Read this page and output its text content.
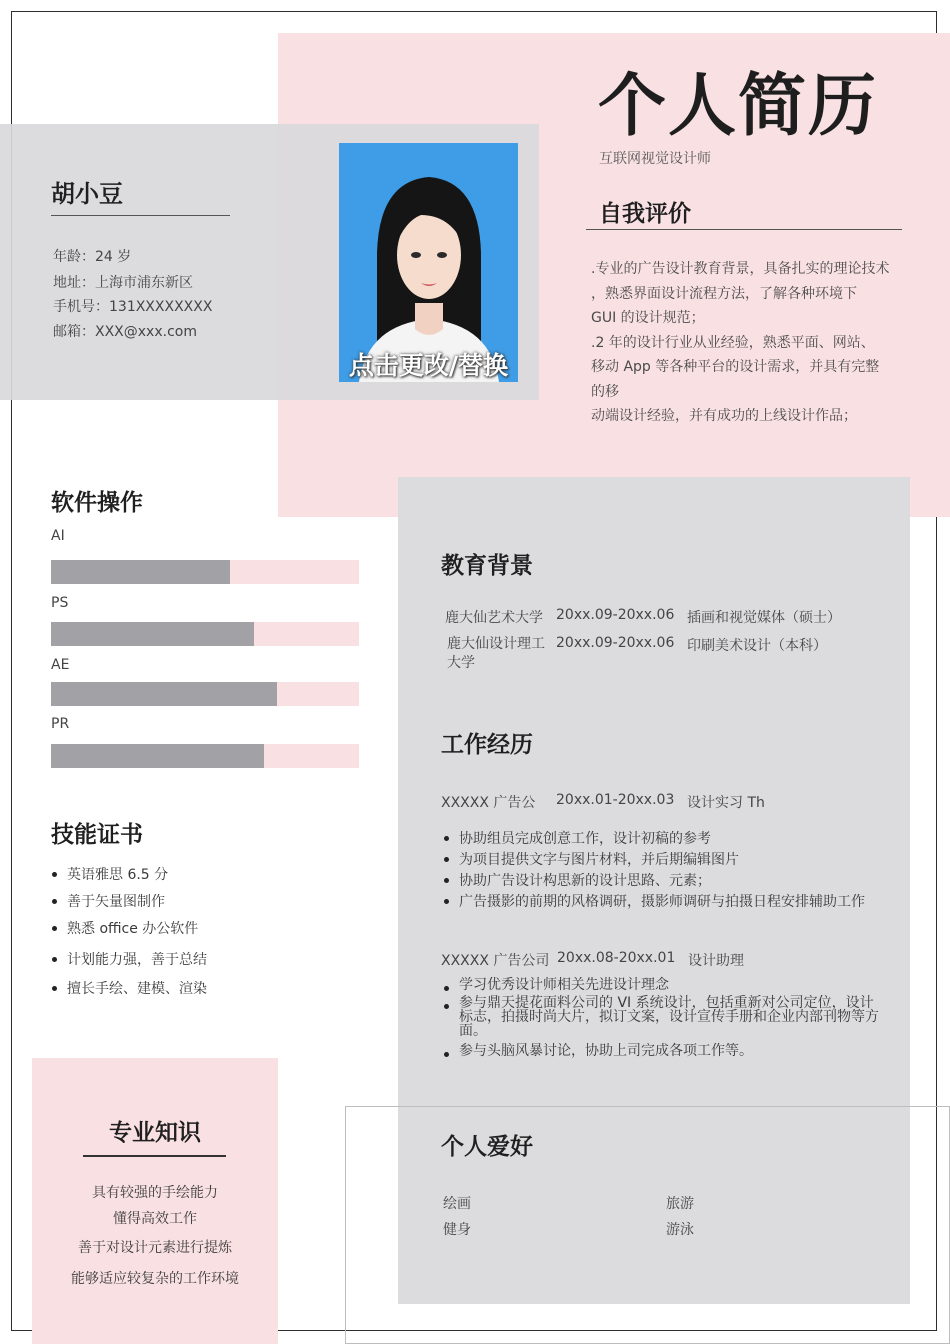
个人简历
互联网视觉设计师
胡小豆
年龄：24 岁
地址：上海市浦东新区
手机号：131XXXXXXXX
邮箱：XXX@xxx.com
点击更改/替换
自我评价
.专业的广告设计教育背景，具备扎实的理论技术
，熟悉界面设计流程方法，了解各种环境下
GUI 的设计规范；
.2 年的设计行业从业经验，熟悉平面、网站、
移动 App 等各种平台的设计需求，并具有完整
的移
动端设计经验，并有成功的上线设计作品；
软件操作
AI
PS
AE
PR
技能证书
英语雅思 6.5 分
善于矢量图制作
熟悉 office 办公软件
计划能力强，善于总结
擅长手绘、建模、渲染
专业知识
具有较强的手绘能力
懂得高效工作
善于对设计元素进行提炼
能够适应较复杂的工作环境
教育背景
鹿大仙艺术大学 20xx.09-20xx.06 插画和视觉媒体（硕士）
鹿大仙设计理工大学
20xx.09-20xx.06 印刷美术设计（本科）
工作经历
XXXXX 广告公 20xx.01-20xx.03 设计实习 Th
协助组员完成创意工作，设计初稿的参考
为项目提供文字与图片材料，并后期编辑图片
协助广告设计构思新的设计思路、元素；
广告摄影的前期的风格调研，摄影师调研与拍摄日程安排辅助工作
XXXXX 广告公司 20xx.08-20xx.01 设计助理
学习优秀设计师相关先进设计理念
参与鼎天提花面料公司的 VI 系统设计，包括重新对公司定位，设计标志，拍摄时尚大片，拟订文案，设计宣传手册和企业内部刊物等方面。
参与头脑风暴讨论，协助上司完成各项工作等。
个人爱好
绘画	旅游
健身	游泳
